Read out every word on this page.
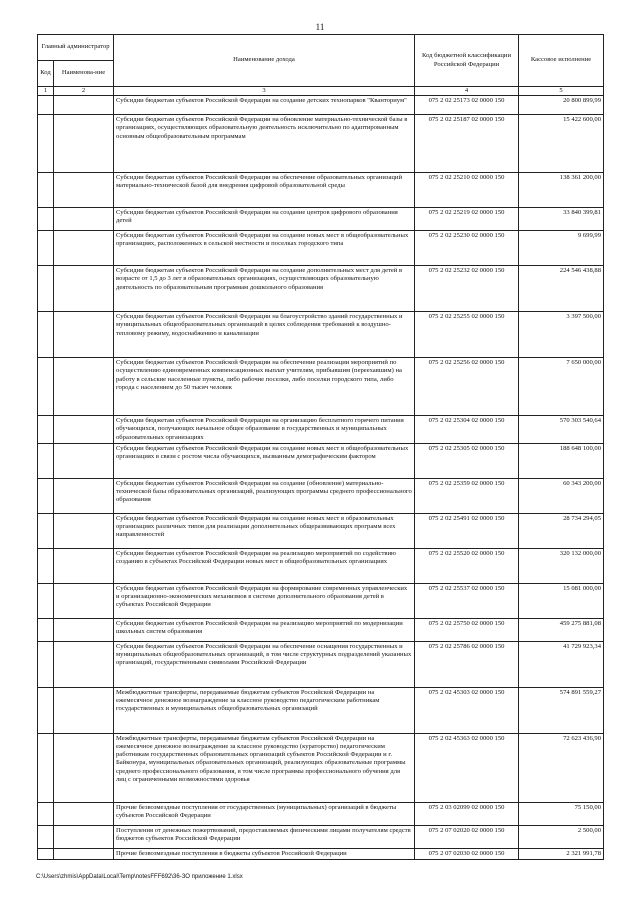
11
Главный администратор		Наименование дохода	Код бюджетной классификации Российской Федерации	Кассовое исполнение
Код	Наименова-ние			
1	2	3	4	5
		Субсидии бюджетам субъектов Российской Федерации на создание детских технопарков "Кванториум"	075 2 02 25173 02 0000 150	20 800 899,99
		Субсидии бюджетам субъектов Российской Федерации на обновление материально-технической базы в организациях, осуществляющих образовательную деятельность исключительно по адаптированным основным общеобразовательным программам	075 2 02 25187 02 0000 150	15 422 600,00
		Субсидии бюджетам субъектов Российской Федерации на обеспечение образовательных организаций материально-технической базой для внедрения цифровой образовательной среды	075 2 02 25210 02 0000 150	138 361 200,00
		Субсидии бюджетам субъектов Российской Федерации на создание центров цифрового образования детей	075 2 02 25219 02 0000 150	33 840 399,81
		Субсидии бюджетам субъектов Российской Федерации на создание новых мест в общеобразовательных организациях, расположенных в сельской местности и поселках городского типа	075 2 02 25230 02 0000 150	9 699,99
		Субсидии бюджетам субъектов Российской Федерации на создание дополнительных мест для детей в возрасте от 1,5 до 3 лет в образовательных организациях, осуществляющих образовательную деятельность по образовательным программам дошкольного образования	075 2 02 25232 02 0000 150	224 546 438,88
		Субсидии бюджетам субъектов Российской Федерации на благоустройство зданий государственных и муниципальных общеобразовательных организаций в целях соблюдения требований к воздушно-тепловому режиму, водоснабжению и канализации	075 2 02 25255 02 0000 150	3 397 500,00
		Субсидии бюджетам субъектов Российской Федерации на обеспечение реализации мероприятий по осуществлению единовременных компенсационных выплат учителям, прибывшим (переехавшим) на работу в сельские населенные пункты, либо рабочие поселки, либо поселки городского типа, либо города с населением до 50 тысяч человек	075 2 02 25256 02 0000 150	7 650 000,00
		Субсидии бюджетам субъектов Российской Федерации на организацию бесплатного горячего питания обучающихся, получающих начальное общее образование в государственных и муниципальных образовательных организациях	075 2 02 25304 02 0000 150	570 303 540,64
		Субсидии бюджетам субъектов Российской Федерации на создание новых мест в общеобразовательных организациях в связи с ростом числа обучающихся, вызванным демографическим фактором	075 2 02 25305 02 0000 150	188 648 100,00
		Субсидии бюджетам субъектов Российской Федерации на создание (обновление) материально-технической базы образовательных организаций, реализующих программы среднего профессионального образования	075 2 02 25359 02 0000 150	60 343 200,00
		Субсидии бюджетам субъектов Российской Федерации на создание новых мест в образовательных организациях различных типов для реализации дополнительных общеразвивающих программ всех направленностей	075 2 02 25491 02 0000 150	28 734 294,05
		Субсидии бюджетам субъектов Российской Федерации на реализацию мероприятий по содействию созданию в субъектах Российской Федерации новых мест в общеобразовательных организациях	075 2 02 25520 02 0000 150	320 132 000,00
		Субсидии бюджетам субъектов Российской Федерации на формирование современных управленческих и организационно-экономических механизмов в системе дополнительного образования детей в субъектах Российской Федерации	075 2 02 25537 02 0000 150	15 081 000,00
		Субсидии бюджетам субъектов Российской Федерации на реализацию мероприятий по модернизации школьных систем образования	075 2 02 25750 02 0000 150	459 275 881,08
		Субсидии бюджетам субъектов Российской Федерации на обеспечение оснащения государственных и муниципальных общеобразовательных организаций, в том числе структурных подразделений указанных организаций, государственными символами Российской Федерации	075 2 02 25786 02 0000 150	41 729 923,34
		Межбюджетные трансферты, передаваемые бюджетам субъектов Российской Федерации на ежемесячное денежное вознаграждение за классное руководство педагогическим работникам государственных и муниципальных общеобразовательных организаций	075 2 02 45303 02 0000 150	574 891 559,27
		Межбюджетные трансферты, передаваемые бюджетам субъектов Российской Федерации на ежемесячное денежное вознаграждение за классное руководство (кураторство) педагогическим работникам государственных образовательных организаций субъектов Российской Федерации и г. Байконура, муниципальных образовательных организаций, реализующих образовательные программы среднего профессионального образования, в том числе программы профессионального обучения для лиц с ограниченными возможностями здоровья	075 2 02 45363 02 0000 150	72 623 436,90
		Прочие безвозмездные поступления от государственных (муниципальных) организаций в бюджеты субъектов Российской Федерации	075 2 03 02099 02 0000 150	75 150,00
		Поступления от денежных пожертвований, предоставляемых физическими лицами получателям средств бюджетов субъектов Российской Федерации	075 2 07 02020 02 0000 150	2 500,00
		Прочие безвозмездные поступления в бюджеты субъектов Российской Федерации	075 2 07 02030 02 0000 150	2 321 991,78
C:\Users\zhmis\AppData\Local\Temp\notesFFF692\36-ЗО приложение 1.xlsx
